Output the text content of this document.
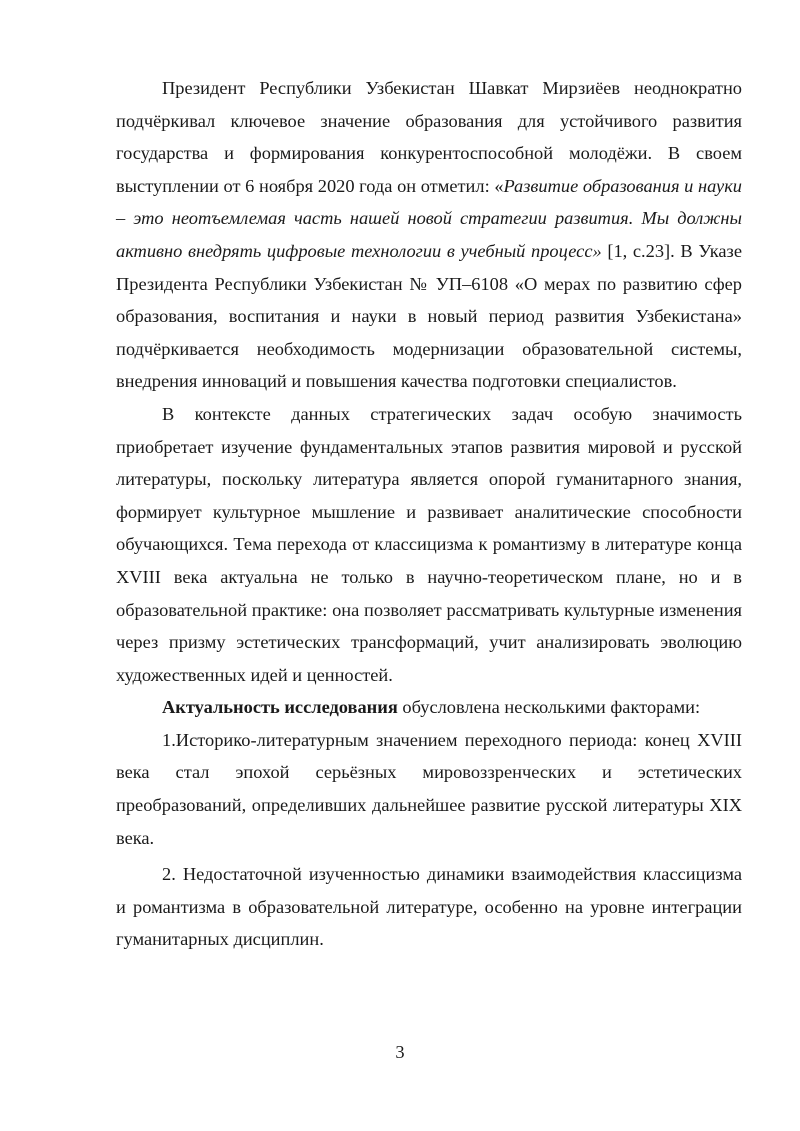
Президент Республики Узбекистан Шавкат Мирзиёев неоднократно подчёркивал ключевое значение образования для устойчивого развития государства и формирования конкурентоспособной молодёжи. В своем выступлении от 6 ноября 2020 года он отметил: «Развитие образования и науки – это неотъемлемая часть нашей новой стратегии развития. Мы должны активно внедрять цифровые технологии в учебный процесс» [1, с.23]. В Указе Президента Республики Узбекистан № УП–6108 «О мерах по развитию сфер образования, воспитания и науки в новый период развития Узбекистана» подчёркивается необходимость модернизации образовательной системы, внедрения инноваций и повышения качества подготовки специалистов.

В контексте данных стратегических задач особую значимость приобретает изучение фундаментальных этапов развития мировой и русской литературы, поскольку литература является опорой гуманитарного знания, формирует культурное мышление и развивает аналитические способности обучающихся. Тема перехода от классицизма к романтизму в литературе конца XVIII века актуальна не только в научно-теоретическом плане, но и в образовательной практике: она позволяет рассматривать культурные изменения через призму эстетических трансформаций, учит анализировать эволюцию художественных идей и ценностей.

Актуальность исследования обусловлена несколькими факторами:

1.Историко-литературным значением переходного периода: конец XVIII века стал эпохой серьёзных мировоззренческих и эстетических преобразований, определивших дальнейшее развитие русской литературы XIX века.

2. Недостаточной изученностью динамики взаимодействия классицизма и романтизма в образовательной литературе, особенно на уровне интеграции гуманитарных дисциплин.

3
